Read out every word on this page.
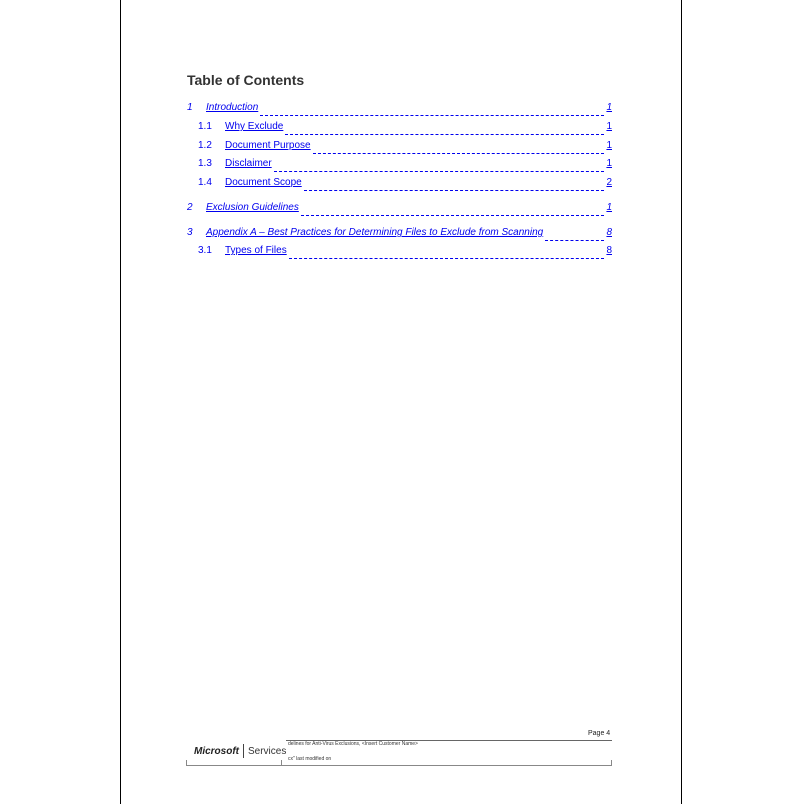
Table of Contents
1	Introduction	1
1.1	Why Exclude	1
1.2	Document Purpose	1
1.3	Disclaimer	1
1.4	Document Scope	2
2	Exclusion Guidelines	1
3	Appendix A – Best Practices for Determining Files to Exclude from Scanning	8
3.1	Types of Files	8
Page 4
delines for Anti-Virus Exclusions, <Insert Customer Name>
Microsoft Services
cx" last modified on
